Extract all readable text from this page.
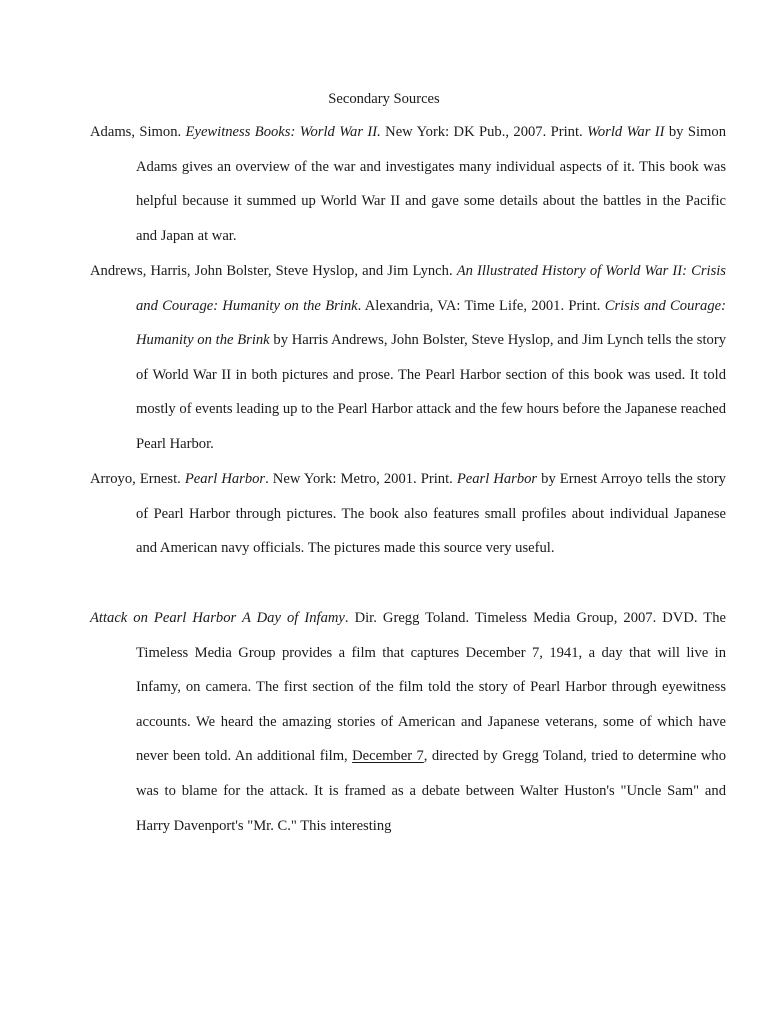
Secondary Sources

Adams, Simon. Eyewitness Books: World War II. New York: DK Pub., 2007. Print. World War II by Simon Adams gives an overview of the war and investigates many individual aspects of it. This book was helpful because it summed up World War II and gave some details about the battles in the Pacific and Japan at war.

Andrews, Harris, John Bolster, Steve Hyslop, and Jim Lynch. An Illustrated History of World War II: Crisis and Courage: Humanity on the Brink. Alexandria, VA: Time Life, 2001. Print. Crisis and Courage: Humanity on the Brink by Harris Andrews, John Bolster, Steve Hyslop, and Jim Lynch tells the story of World War II in both pictures and prose. The Pearl Harbor section of this book was used. It told mostly of events leading up to the Pearl Harbor attack and the few hours before the Japanese reached Pearl Harbor.

Arroyo, Ernest. Pearl Harbor. New York: Metro, 2001. Print. Pearl Harbor by Ernest Arroyo tells the story of Pearl Harbor through pictures. The book also features small profiles about individual Japanese and American navy officials. The pictures made this source very useful.

Attack on Pearl Harbor A Day of Infamy. Dir. Gregg Toland. Timeless Media Group, 2007. DVD. The Timeless Media Group provides a film that captures December 7, 1941, a day that will live in Infamy, on camera. The first section of the film told the story of Pearl Harbor through eyewitness accounts. We heard the amazing stories of American and Japanese veterans, some of which have never been told. An additional film, December 7, directed by Gregg Toland, tried to determine who was to blame for the attack. It is framed as a debate between Walter Huston's "Uncle Sam" and Harry Davenport's "Mr. C." This interesting
